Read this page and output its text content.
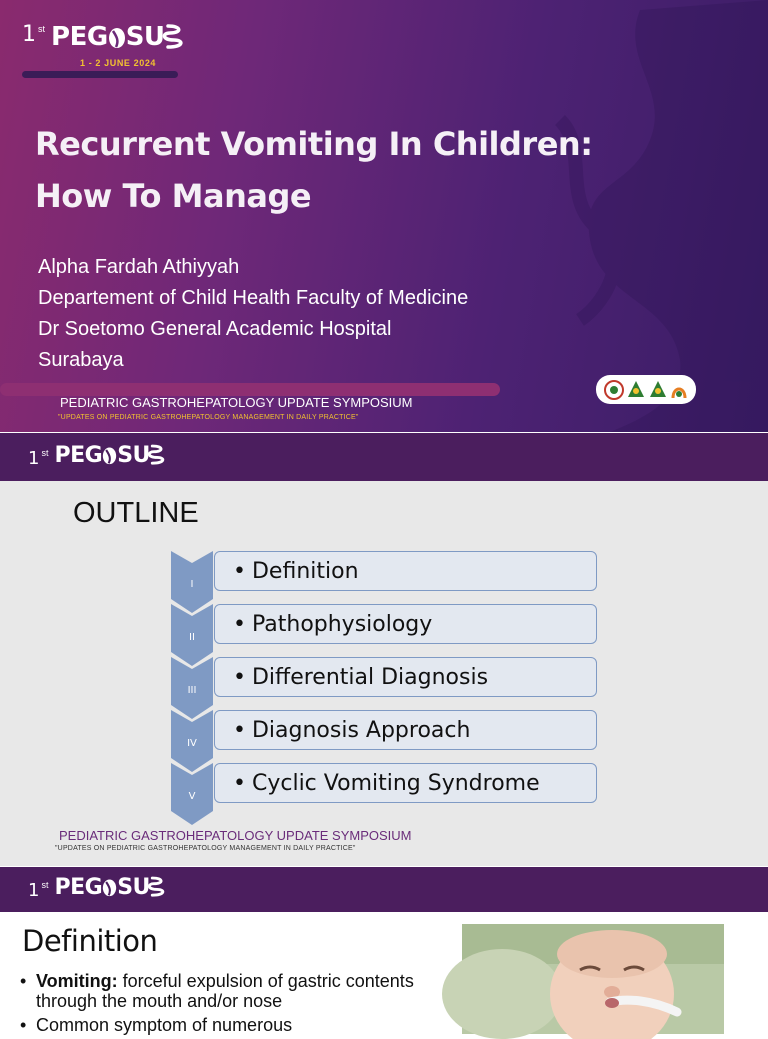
1 st PEG SU
1 - 2 JUNE 2024
Recurrent Vomiting In Children:
How To Manage
Alpha Fardah Athiyyah
Departement of Child Health Faculty of Medicine
Dr Soetomo General Academic Hospital
Surabaya
PEDIATRIC GASTROHEPATOLOGY UPDATE SYMPOSIUM
"UPDATES ON PEDIATRIC GASTROHEPATOLOGY MANAGEMENT IN DAILY PRACTICE"
1 st PEG SU
OUTLINE
I
• Definition
II
• Pathophysiology
III
• Differential Diagnosis
IV
• Diagnosis Approach
V
• Cyclic Vomiting Syndrome
PEDIATRIC GASTROHEPATOLOGY UPDATE SYMPOSIUM
"UPDATES ON PEDIATRIC GASTROHEPATOLOGY MANAGEMENT IN DAILY PRACTICE"
1 st PEG SU
Definition
• Vomiting: forceful expulsion of gastric contents through the mouth and/or nose
• Common symptom of numerous
